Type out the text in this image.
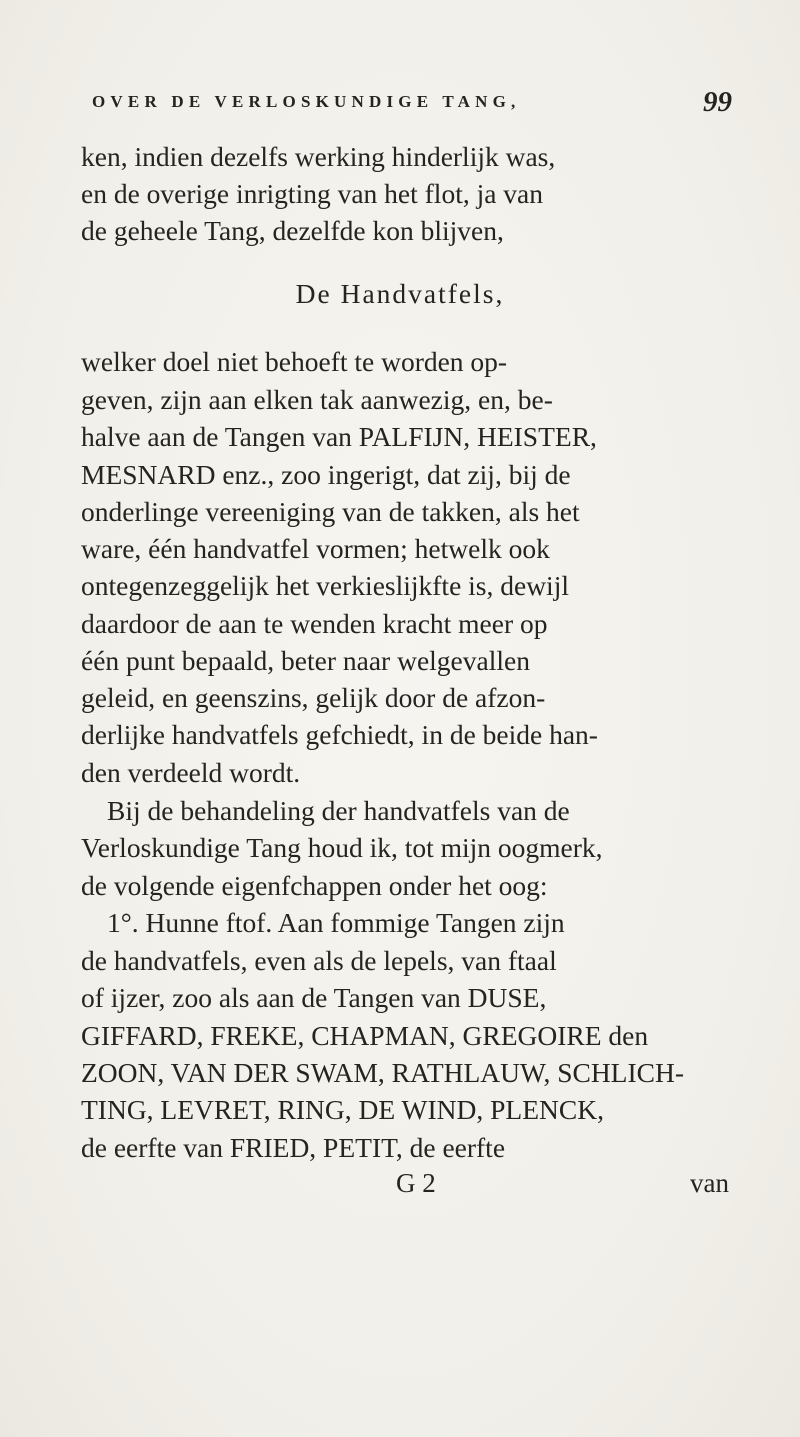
OVER DE VERLOSKUNDIGE TANG,	99
ken, indien dezelfs werking hinderlijk was,
en de overige inrigting van het flot, ja van
de geheele Tang, dezelfde kon blijven,
De Handvatfels,
welker doel niet behoeft te worden op-
geven, zijn aan elken tak aanwezig, en, be-
halve aan de Tangen van PALFIJN, HEISTER,
MESNARD enz., zoo ingerigt, dat zij, bij de
onderlinge vereeniging van de takken, als het
ware, één handvatfel vormen; hetwelk ook
ontegenzeggelijk het verkieslijkfte is, dewijl
daardoor de aan te wenden kracht meer op
één punt bepaald, beter naar welgevallen
geleid, en geenszins, gelijk door de afzon-
derlijke handvatfels gefchiedt, in de beide han-
den verdeeld wordt.
Bij de behandeling der handvatfels van de
Verloskundige Tang houd ik, tot mijn oogmerk,
de volgende eigenfchappen onder het oog:
1°. Hunne ftof. Aan fommige Tangen zijn
de handvatfels, even als de lepels, van ftaal
of ijzer, zoo als aan de Tangen van DUSE,
GIFFARD, FREKE, CHAPMAN, GREGOIRE den
ZOON, VAN DER SWAM, RATHLAUW, SCHLICH-
TING, LEVRET, RING, DE WIND, PLENCK,
de eerfte van FRIED, PETIT, de eerfte
G 2	van
